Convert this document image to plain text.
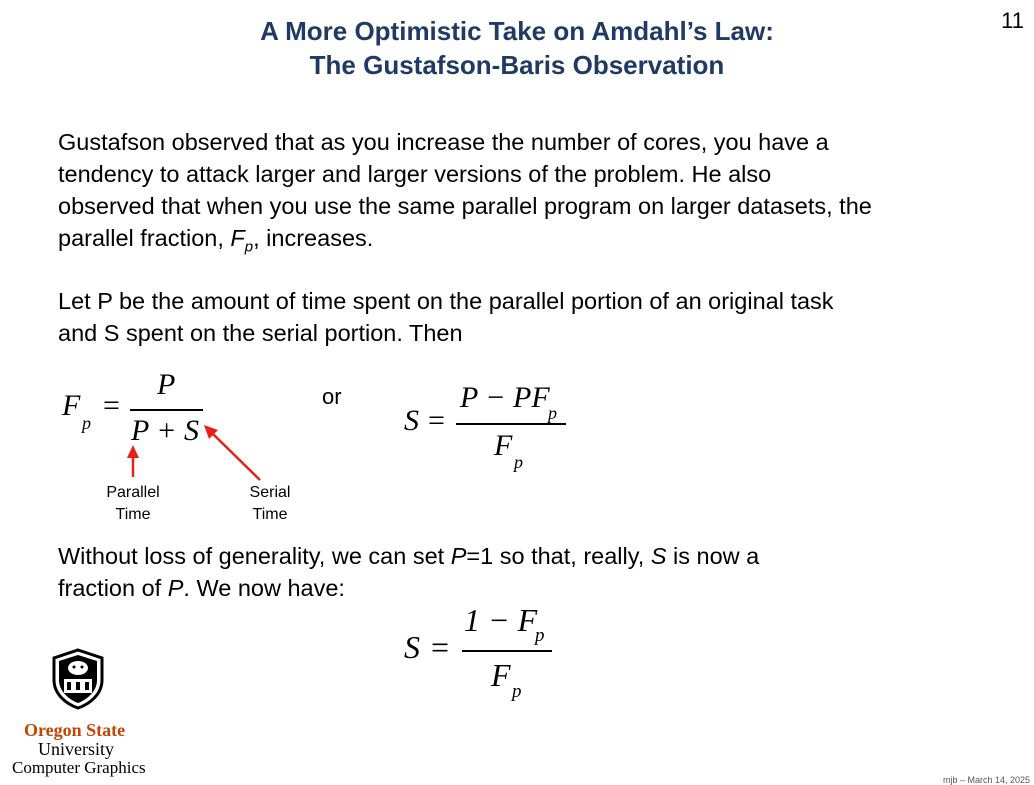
A More Optimistic Take on Amdahl’s Law:
The Gustafson-Baris Observation
11
Gustafson observed that as you increase the number of cores, you have a
tendency to attack larger and larger versions of the problem. He also
observed that when you use the same parallel program on larger datasets, the
parallel fraction, $F_p$, increases.
Let P be the amount of time spent on the parallel portion of an original task
and S spent on the serial portion. Then
F
p
=
P
P + S
Parallel
Time
Serial
Time
or
S =
P − PF
p
F p
Without loss of generality, we can set P=1 so that, really, S is now a
fraction of P. We now have:
S =
1 − F
p
F p
Oregon State
University
Computer Graphics
mjb – March 14, 2025
